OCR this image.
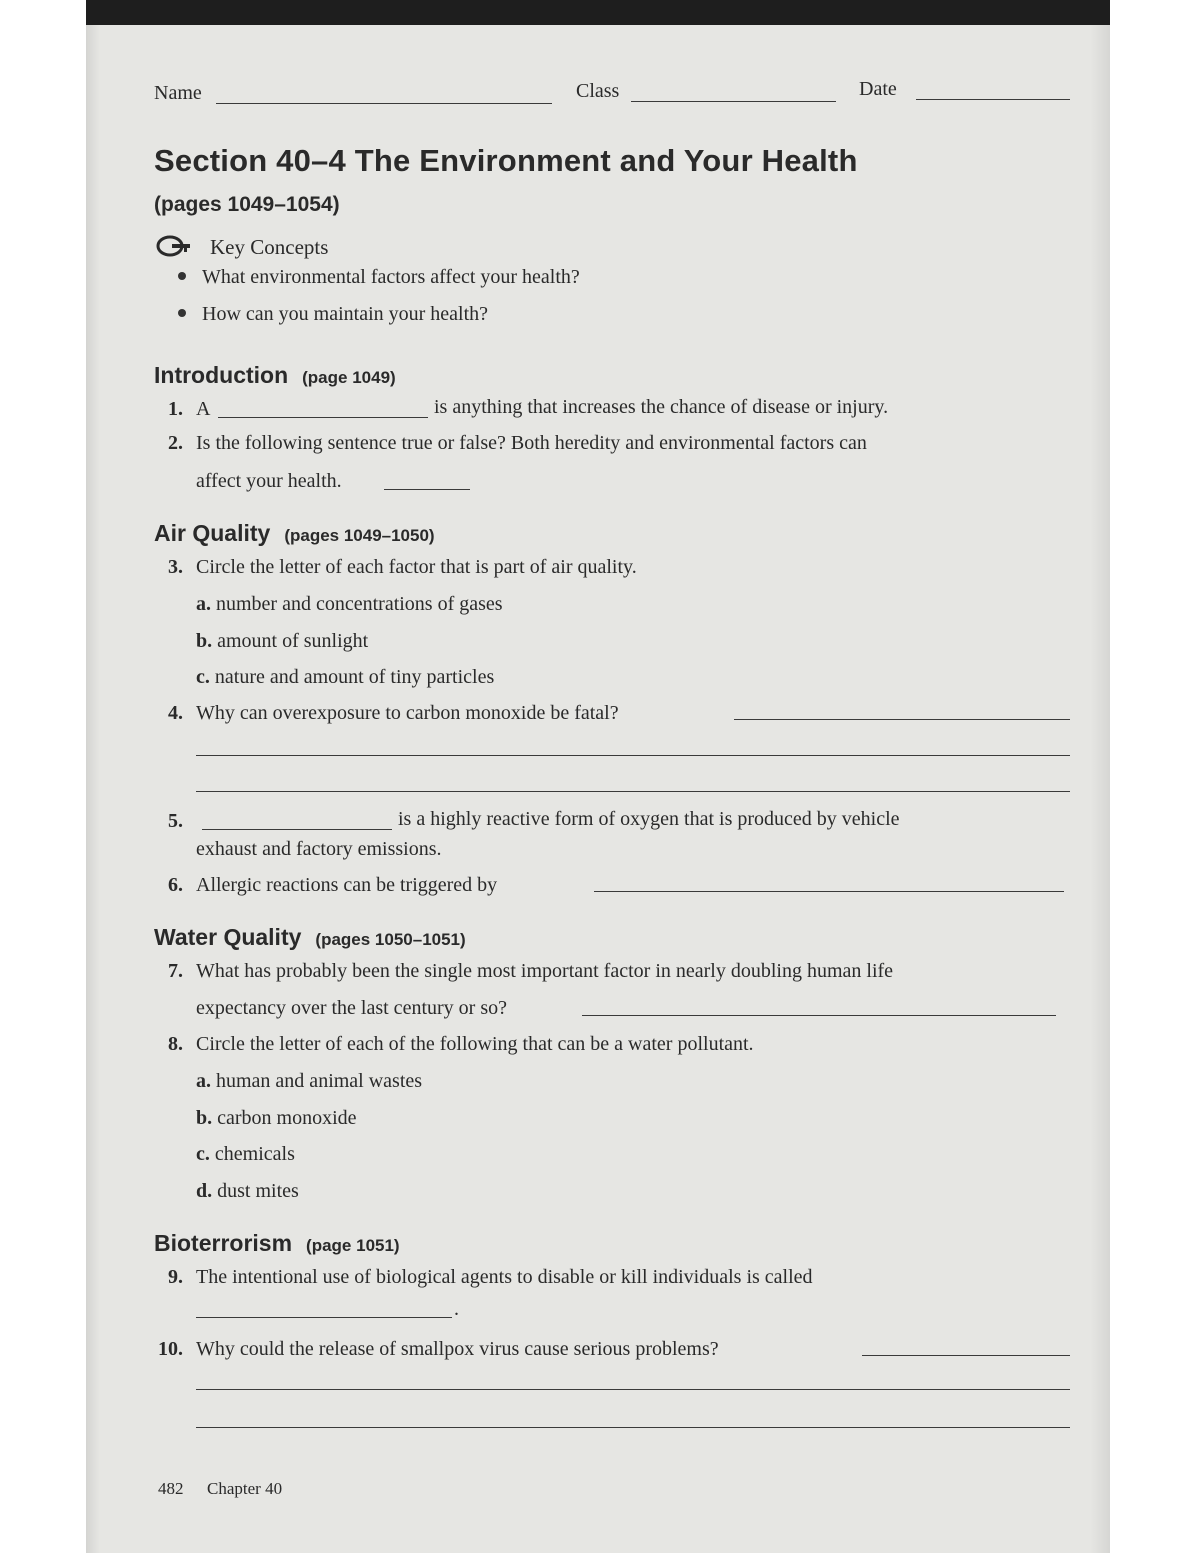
Name	Class	Date
Section 40–4 The Environment and Your Health
(pages 1049–1054)
Key Concepts
What environmental factors affect your health?
How can you maintain your health?
Introduction (page 1049)
1. A	is anything that increases the chance of disease or injury.
2. Is the following sentence true or false? Both heredity and environmental factors can
affect your health.
Air Quality (pages 1049–1050)
3. Circle the letter of each factor that is part of air quality.
a. number and concentrations of gases
b. amount of sunlight
c. nature and amount of tiny particles
4. Why can overexposure to carbon monoxide be fatal?
5.	is a highly reactive form of oxygen that is produced by vehicle
exhaust and factory emissions.
6. Allergic reactions can be triggered by
Water Quality (pages 1050–1051)
7. What has probably been the single most important factor in nearly doubling human life
expectancy over the last century or so?
8. Circle the letter of each of the following that can be a water pollutant.
a. human and animal wastes
b. carbon monoxide
c. chemicals
d. dust mites
Bioterrorism (page 1051)
9. The intentional use of biological agents to disable or kill individuals is called
.
10. Why could the release of smallpox virus cause serious problems?
482 Chapter 40
